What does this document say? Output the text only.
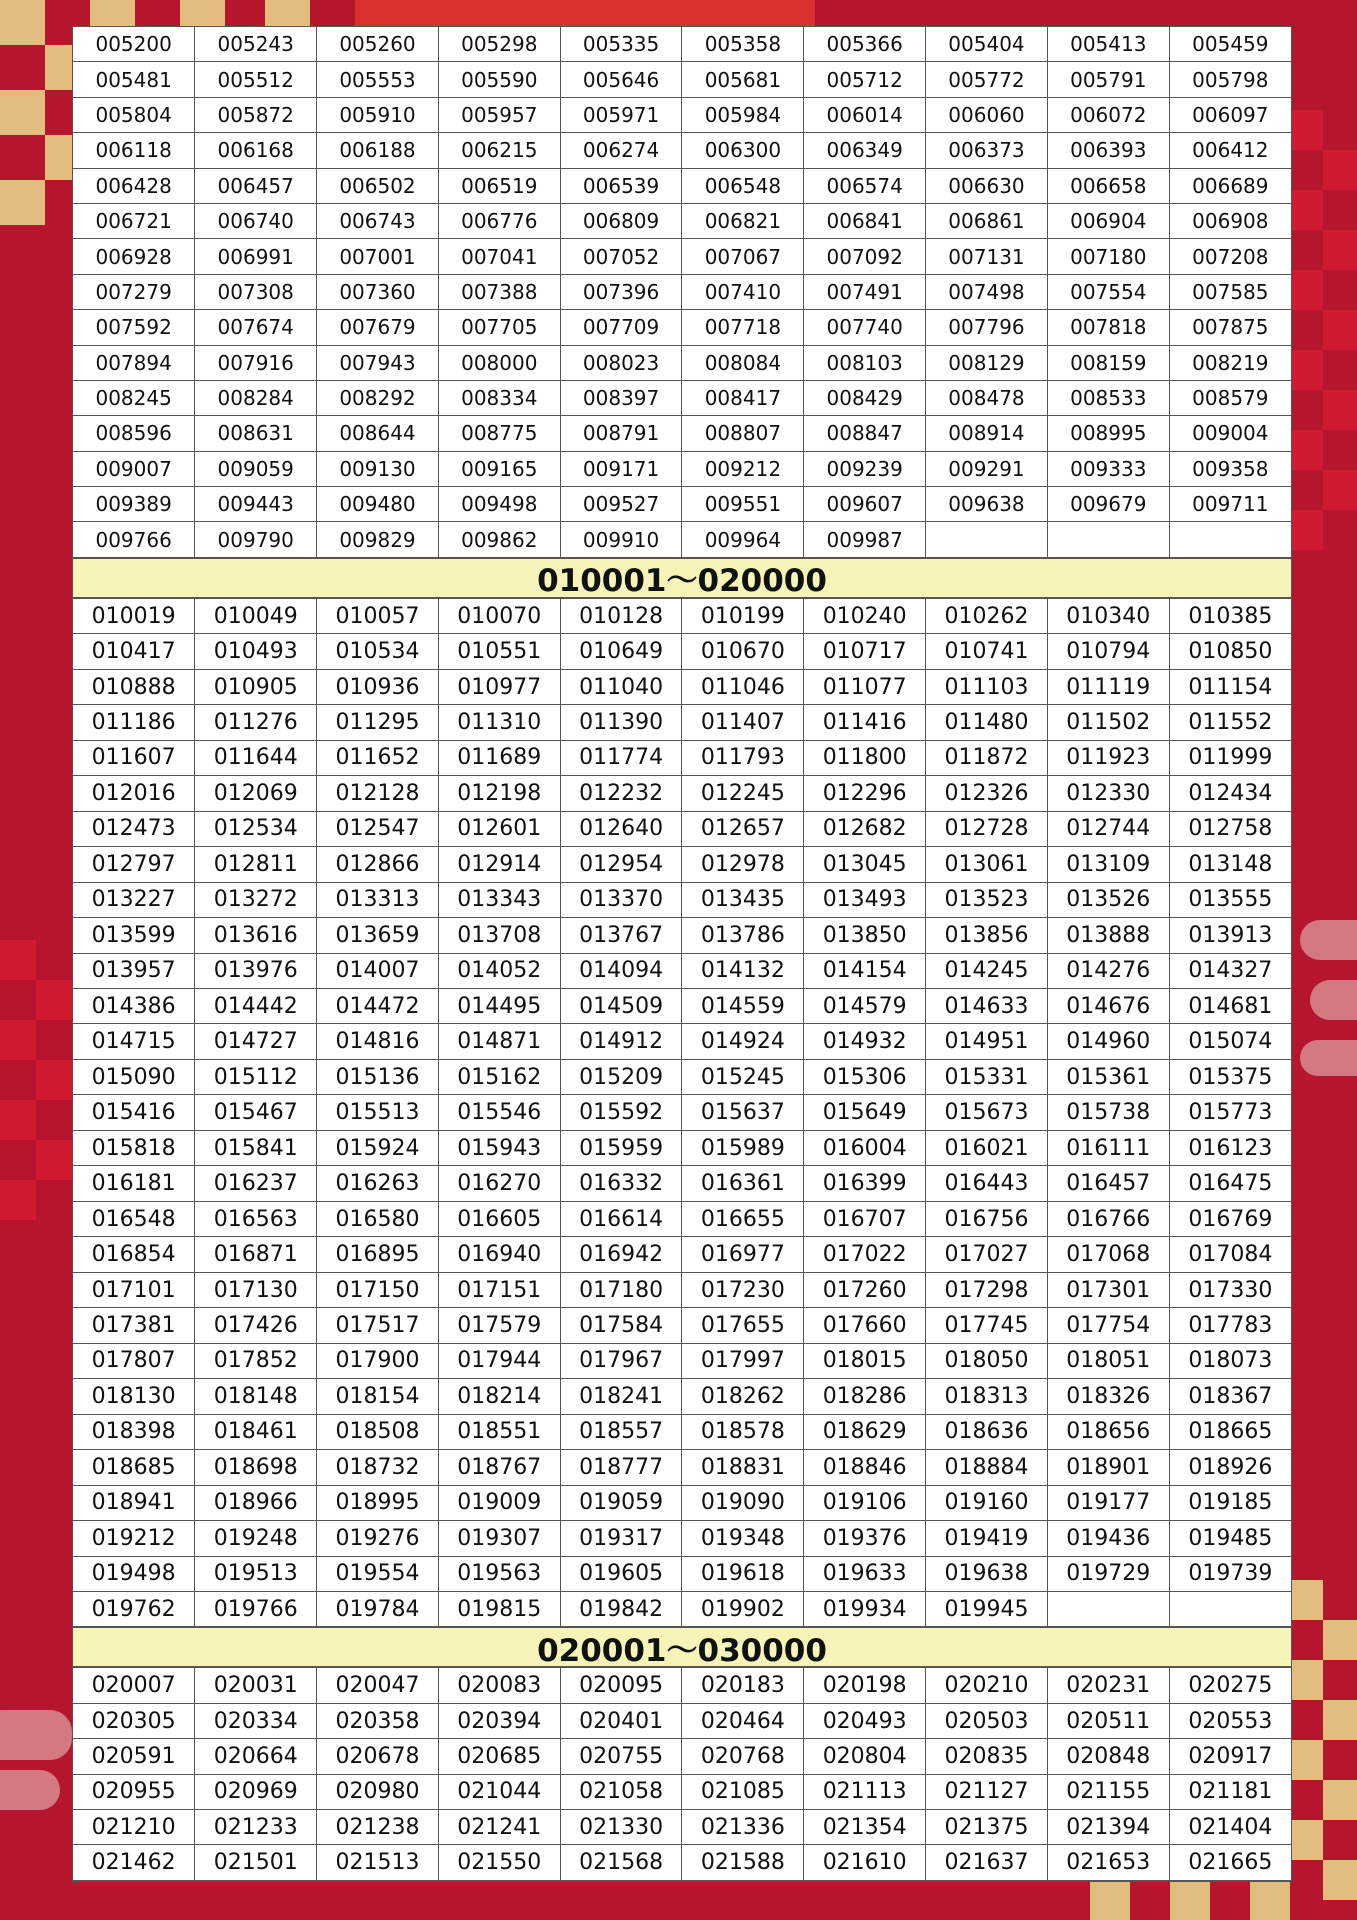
005200	005243	005260	005298	005335	005358	005366	005404	005413	005459
005481	005512	005553	005590	005646	005681	005712	005772	005791	005798
005804	005872	005910	005957	005971	005984	006014	006060	006072	006097
006118	006168	006188	006215	006274	006300	006349	006373	006393	006412
006428	006457	006502	006519	006539	006548	006574	006630	006658	006689
006721	006740	006743	006776	006809	006821	006841	006861	006904	006908
006928	006991	007001	007041	007052	007067	007092	007131	007180	007208
007279	007308	007360	007388	007396	007410	007491	007498	007554	007585
007592	007674	007679	007705	007709	007718	007740	007796	007818	007875
007894	007916	007943	008000	008023	008084	008103	008129	008159	008219
008245	008284	008292	008334	008397	008417	008429	008478	008533	008579
008596	008631	008644	008775	008791	008807	008847	008914	008995	009004
009007	009059	009130	009165	009171	009212	009239	009291	009333	009358
009389	009443	009480	009498	009527	009551	009607	009638	009679	009711
009766	009790	009829	009862	009910	009964	009987			
010001～020000
010019	010049	010057	010070	010128	010199	010240	010262	010340	010385
010417	010493	010534	010551	010649	010670	010717	010741	010794	010850
010888	010905	010936	010977	011040	011046	011077	011103	011119	011154
011186	011276	011295	011310	011390	011407	011416	011480	011502	011552
011607	011644	011652	011689	011774	011793	011800	011872	011923	011999
012016	012069	012128	012198	012232	012245	012296	012326	012330	012434
012473	012534	012547	012601	012640	012657	012682	012728	012744	012758
012797	012811	012866	012914	012954	012978	013045	013061	013109	013148
013227	013272	013313	013343	013370	013435	013493	013523	013526	013555
013599	013616	013659	013708	013767	013786	013850	013856	013888	013913
013957	013976	014007	014052	014094	014132	014154	014245	014276	014327
014386	014442	014472	014495	014509	014559	014579	014633	014676	014681
014715	014727	014816	014871	014912	014924	014932	014951	014960	015074
015090	015112	015136	015162	015209	015245	015306	015331	015361	015375
015416	015467	015513	015546	015592	015637	015649	015673	015738	015773
015818	015841	015924	015943	015959	015989	016004	016021	016111	016123
016181	016237	016263	016270	016332	016361	016399	016443	016457	016475
016548	016563	016580	016605	016614	016655	016707	016756	016766	016769
016854	016871	016895	016940	016942	016977	017022	017027	017068	017084
017101	017130	017150	017151	017180	017230	017260	017298	017301	017330
017381	017426	017517	017579	017584	017655	017660	017745	017754	017783
017807	017852	017900	017944	017967	017997	018015	018050	018051	018073
018130	018148	018154	018214	018241	018262	018286	018313	018326	018367
018398	018461	018508	018551	018557	018578	018629	018636	018656	018665
018685	018698	018732	018767	018777	018831	018846	018884	018901	018926
018941	018966	018995	019009	019059	019090	019106	019160	019177	019185
019212	019248	019276	019307	019317	019348	019376	019419	019436	019485
019498	019513	019554	019563	019605	019618	019633	019638	019729	019739
019762	019766	019784	019815	019842	019902	019934	019945		
020001～030000
020007	020031	020047	020083	020095	020183	020198	020210	020231	020275
020305	020334	020358	020394	020401	020464	020493	020503	020511	020553
020591	020664	020678	020685	020755	020768	020804	020835	020848	020917
020955	020969	020980	021044	021058	021085	021113	021127	021155	021181
021210	021233	021238	021241	021330	021336	021354	021375	021394	021404
021462	021501	021513	021550	021568	021588	021610	021637	021653	021665
